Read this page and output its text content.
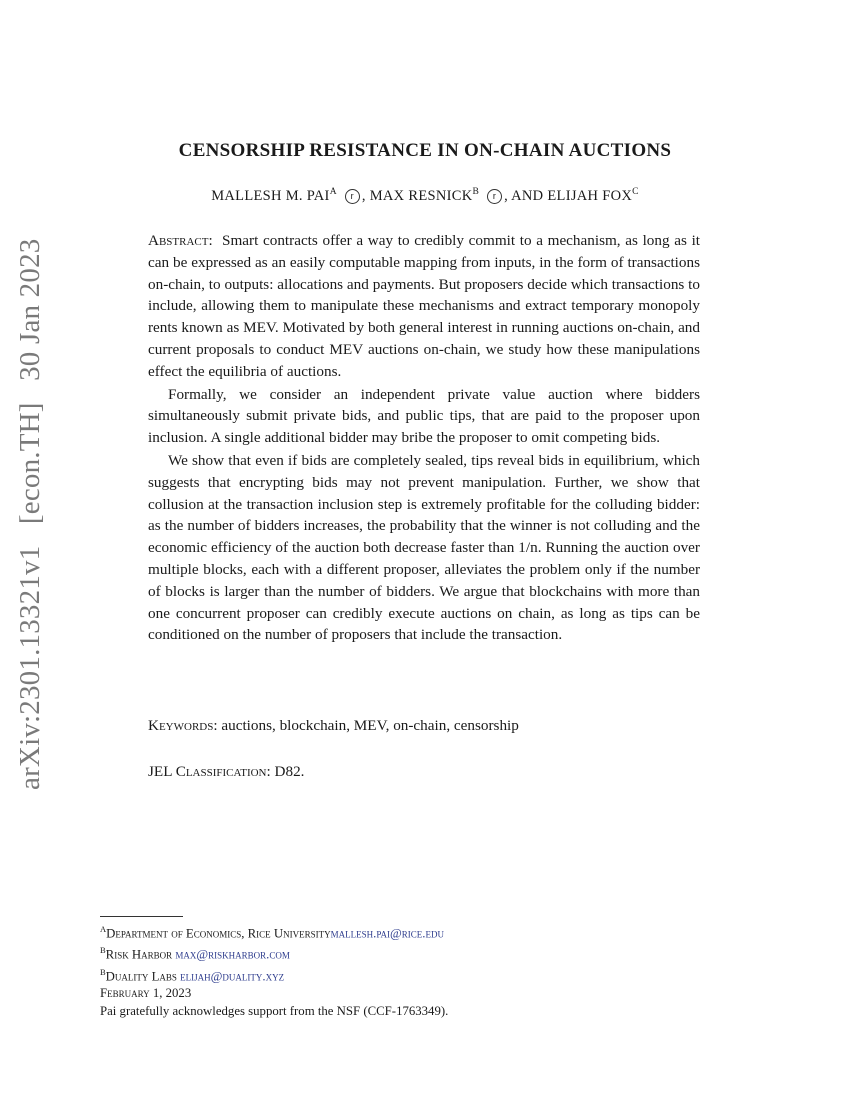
arXiv:2301.13321v1 [econ.TH] 30 Jan 2023
CENSORSHIP RESISTANCE IN ON-CHAIN AUCTIONS
MALLESH M. $PAI^A$ r , MAX $RESNICK^B$ r , AND ELIJAH $FOX^C$

Abstract: Smart contracts offer a way to credibly commit to a mechanism, as long as it can be expressed as an easily computable mapping from inputs, in the form of transactions on-chain, to outputs: allocations and payments. But proposers decide which transactions to include, allowing them to manipulate these mechanisms and extract temporary monopoly rents known as MEV. Motivated by both general interest in running auctions on-chain, and current proposals to conduct MEV auctions on-chain, we study how these manipulations effect the equilibria of auctions.

Formally, we consider an independent private value auction where bidders simultaneously submit private bids, and public tips, that are paid to the proposer upon inclusion. A single additional bidder may bribe the proposer to omit competing bids.

We show that even if bids are completely sealed, tips reveal bids in equilibrium, which suggests that encrypting bids may not prevent manipulation. Further, we show that collusion at the transaction inclusion step is extremely profitable for the colluding bidder: as the number of bidders increases, the probability that the winner is not colluding and the economic efficiency of the auction both decrease faster than 1/n. Running the auction over multiple blocks, each with a different proposer, alleviates the problem only if the number of blocks is larger than the number of bidders. We argue that blockchains with more than one concurrent proposer can credibly execute auctions on chain, as long as tips can be conditioned on the number of proposers that include the transaction.

Keywords: auctions, blockchain, MEV, on-chain, censorship
JEL Classification: D82.
$^A$Department of Economics, Rice Universitymallesh.pai@rice.edu
$^B$Risk Harbor max@riskharbor.com
$^B$Duality Labs elijah@duality.xyz
February 1, 2023
Pai gratefully acknowledges support from the NSF (CCF-1763349).
